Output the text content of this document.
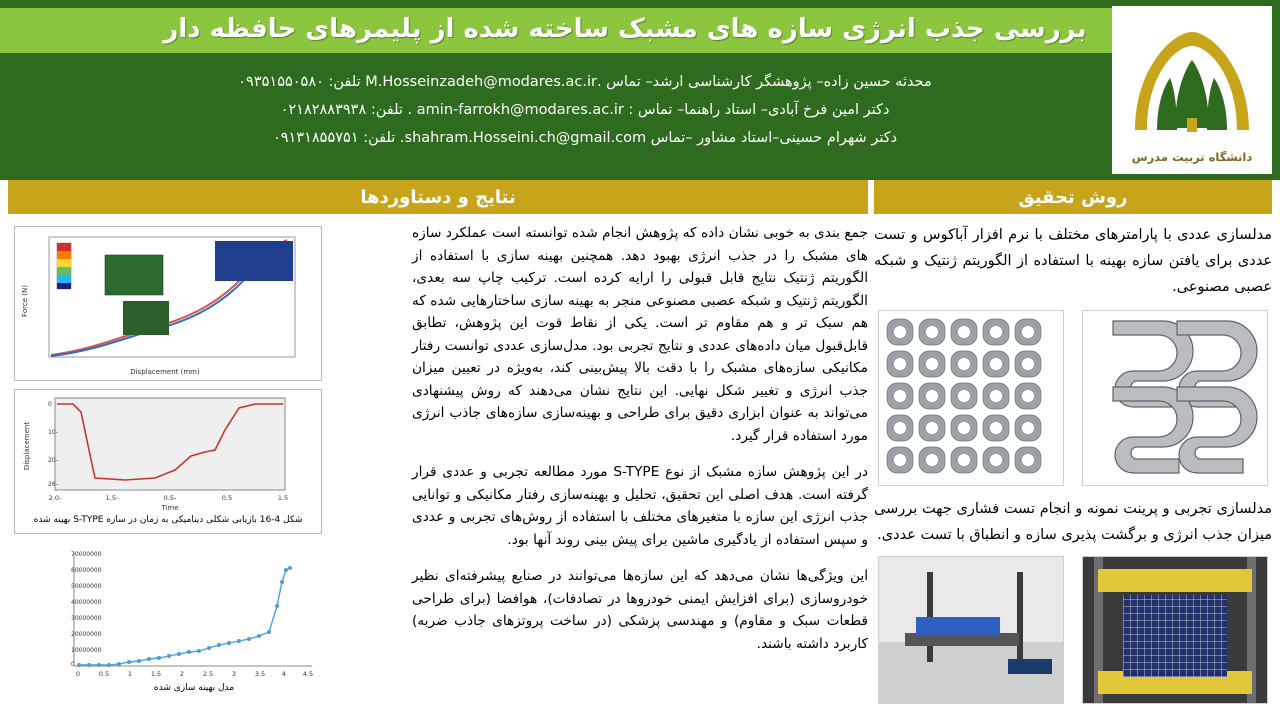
بررسی جذب انرژی سازه های مشبک ساخته شده از پلیمرهای حافظه دار
محدثه حسین زاده– پژوهشگر کارشناسی ارشد– تماس .M.Hosseinzadeh@modares.ac.ir تلفن: ۰۹۳۵۱۵۵۰۵۸۰
دکتر امین فرخ آبادی– استاد راهنما– تماس : amin-farrokh@modares.ac.ir . تلفن: ۰۲۱۸۲۸۸۳۹۳۸
دکتر شهرام حسینی–استاد مشاور –تماس shahram.Hosseini.ch@gmail.com. تلفن: ۰۹۱۳۱۸۵۵۷۵۱
دانشگاه تربیت مدرس
نتایج و دستاوردها	روش تحقیق
Displacement (mm)
Force (N)
-2.0	-1.5	-0.5	0.5	1.5
Time
Displacement
0
-10
-20
-26
شکل 4-16 بازیابی شکلی دینامیکی به زمان در سازه S-TYPE بهینه شده
70000000
60000000
50000000
40000000
30000000
20000000
10000000
0
0	0.5	1	1.5	2	2.5	3	3.5	4	4.5
مدل بهینه سازی شده
جمع بندی به خوبی نشان داده که پژوهش انجام شده توانسته است عملکرد سازه های مشبک را در جذب انرژی بهبود دهد. همچنین بهینه سازی با استفاده از الگوریتم ژنتیک نتایج قابل قبولی را ارایه کرده است. ترکیب چاپ سه بعدی، الگوریتم ژنتیک و شبکه عصبی مصنوعی منجر به بهینه سازی ساختارهایی شده که هم سبک تر و هم مقاوم تر است. یکی از نقاط قوت این پژوهش، تطابق قابل‌قبول میان داده‌های عددی و نتایج تجربی بود. مدل‌سازی عددی توانست رفتار مکانیکی سازه‌های مشبک را با دقت بالا پیش‌بینی کند، به‌ویژه در تعیین میزان جذب انرژی و تغییر شکل نهایی. این نتایج نشان می‌دهند که روش پیشنهادی می‌تواند به عنوان ابزاری دقیق برای طراحی و بهینه‌سازی سازه‌های جاذب انرژی مورد استفاده قرار گیرد.
در این پژوهش سازه مشبک از نوع S-TYPE مورد مطالعه تجربی و عددی قرار گرفته است. هدف اصلی این تحقیق، تحلیل و بهینه‌سازی رفتار مکانیکی و توانایی جذب انرژی این سازه با متغیرهای مختلف با استفاده از روش‌های تجربی و عددی و سپس استفاده از یادگیری ماشین برای پیش بینی روند آنها بود.
این ویژگی‌ها نشان می‌دهد که این سازه‌ها می‌توانند در صنایع پیشرفته‌ای نظیر خودروسازی (برای افزایش ایمنی خودروها در تصادفات)، هوافضا (برای طراحی قطعات سبک و مقاوم) و مهندسی پزشکی (در ساخت پروتزهای جاذب ضربه) کاربرد داشته باشند.
مدلسازی عددی با پارامترهای مختلف با نرم افزار آباکوس و تست عددی برای یافتن سازه بهینه با استفاده از الگوریتم ژنتیک و شبکه عصبی مصنوعی.
مدلسازی تجربی و پرینت نمونه و انجام تست فشاری جهت بررسی میزان جذب انرژی و برگشت پذیری سازه و انطباق با تست عددی.
